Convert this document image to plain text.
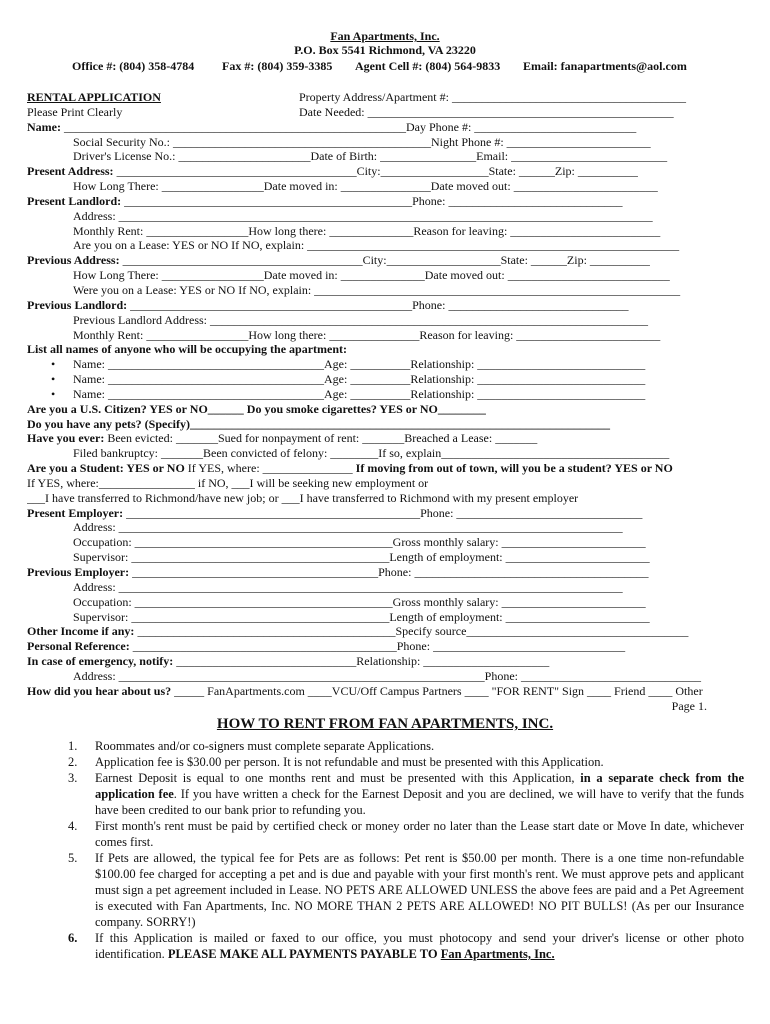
Fan Apartments, Inc.
P.O. Box 5541 Richmond, VA 23220
Office #: (804) 358-4784 Fax #: (804) 359-3385 Agent Cell #: (804) 564-9833 Email: fanapartments@aol.com
RENTAL APPLICATION	Property Address/Apartment #: _______________________________________
Please Print Clearly	Date Needed: ___________________________________________________
Name: _________________________________________________________Day Phone #: ___________________________
Social Security No.: ___________________________________________Night Phone #: ________________________
Driver's License No.: ______________________Date of Birth: ________________Email: __________________________
Present Address: ________________________________________City:__________________State: ______Zip: __________
How Long There: _________________Date moved in: _______________Date moved out: ________________________
Present Landlord: ________________________________________________Phone: _____________________________
Address: _________________________________________________________________________________________
Monthly Rent: _________________How long there: ______________Reason for leaving: _________________________
Are you on a Lease: YES or NO If NO, explain: ______________________________________________________________
Previous Address: ________________________________________City:___________________State: ______Zip: __________
How Long There: _________________Date moved in: ______________Date moved out: ___________________________
Were you on a Lease: YES or NO If NO, explain: _____________________________________________________________
Previous Landlord: _______________________________________________Phone: ______________________________
Previous Landlord Address: _________________________________________________________________________
Monthly Rent: _________________How long there: _______________Reason for leaving: ________________________
List all names of anyone who will be occupying the apartment:
• Name: ____________________________________Age: __________Relationship: ____________________________
• Name: ____________________________________Age: __________Relationship: ____________________________
• Name: ____________________________________Age: __________Relationship: ____________________________
Are you a U.S. Citizen? YES or NO______ Do you smoke cigarettes? YES or NO________
Do you have any pets? (Specify)______________________________________________________________________
Have you ever: Been evicted: _______Sued for nonpayment of rent: _______Breached a Lease: _______
Filed bankruptcy: _______Been convicted of felony: ________If so, explain______________________________________
Are you a Student: YES or NO If YES, where: _______________ If moving from out of town, will you be a student? YES or NO
If YES, where:________________ if NO, ___I will be seeking new employment or
___I have transferred to Richmond/have new job; or ___I have transferred to Richmond with my present employer
Present Employer: _________________________________________________Phone: _______________________________
Address: ____________________________________________________________________________________
Occupation: ___________________________________________Gross monthly salary: ________________________
Supervisor: ___________________________________________Length of employment: ________________________
Previous Employer: _________________________________________Phone: _______________________________________
Address: ____________________________________________________________________________________
Occupation: ___________________________________________Gross monthly salary: ________________________
Supervisor: ___________________________________________Length of employment: ________________________
Other Income if any: ___________________________________________Specify source_____________________________________
Personal Reference: ____________________________________________Phone: ________________________________
In case of emergency, notify: ______________________________Relationship: _____________________
Address: _____________________________________________________________Phone: ______________________________
How did you hear about us? _____ FanApartments.com ____VCU/Off Campus Partners ____ "FOR RENT" Sign ____ Friend ____ Other
Page 1.
HOW TO RENT FROM FAN APARTMENTS, INC.
1. Roommates and/or co-signers must complete separate Applications.
2. Application fee is $30.00 per person. It is not refundable and must be presented with this Application.
3. Earnest Deposit is equal to one months rent and must be presented with this Application, in a separate check from the application fee. If you have written a check for the Earnest Deposit and you are declined, we will have to verify that the funds have been credited to our bank prior to refunding you.
4. First month's rent must be paid by certified check or money order no later than the Lease start date or Move In date, whichever comes first.
5. If Pets are allowed, the typical fee for Pets are as follows: Pet rent is $50.00 per month. There is a one time non-refundable $100.00 fee charged for accepting a pet and is due and payable with your first month's rent. We must approve pets and applicant must sign a pet agreement included in Lease. NO PETS ARE ALLOWED UNLESS the above fees are paid and a Pet Agreement is executed with Fan Apartments, Inc. NO MORE THAN 2 PETS ARE ALLOWED! NO PIT BULLS! (As per our Insurance company. SORRY!)
6. If this Application is mailed or faxed to our office, you must photocopy and send your driver's license or other photo identification. PLEASE MAKE ALL PAYMENTS PAYABLE TO Fan Apartments, Inc.
